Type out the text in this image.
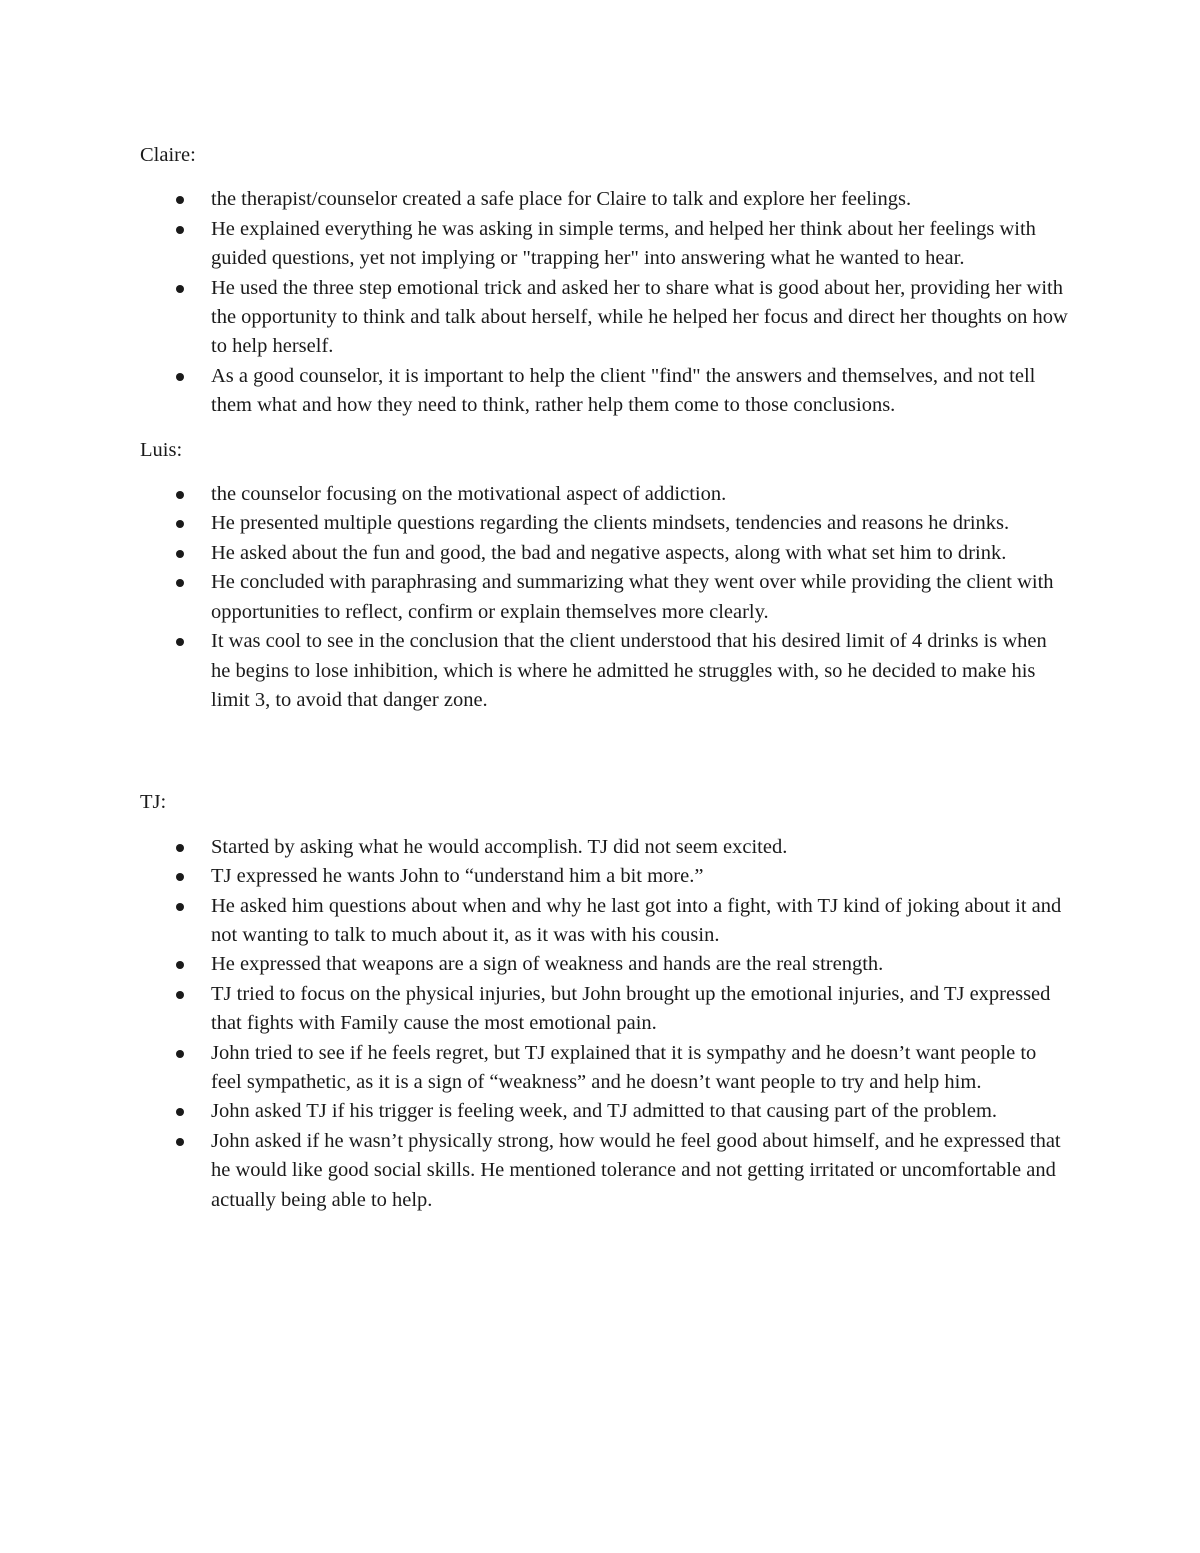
Claire:

the therapist/counselor created a safe place for Claire to talk and explore her feelings.
He explained everything he was asking in simple terms, and helped her think about her feelings with guided questions, yet not implying or "trapping her" into answering what he wanted to hear.
He used the three step emotional trick and asked her to share what is good about her, providing her with the opportunity to think and talk about herself, while he helped her focus and direct her thoughts on how to help herself.
As a good counselor, it is important to help the client "find" the answers and themselves, and not tell them what and how they need to think, rather help them come to those conclusions.

Luis:

the counselor focusing on the motivational aspect of addiction.
He presented multiple questions regarding the clients mindsets, tendencies and reasons he drinks.
He asked about the fun and good, the bad and negative aspects, along with what set him to drink.
He concluded with paraphrasing and summarizing what they went over while providing the client with opportunities to reflect, confirm or explain themselves more clearly.
It was cool to see in the conclusion that the client understood that his desired limit of 4 drinks is when he begins to lose inhibition, which is where he admitted he struggles with, so he decided to make his limit 3, to avoid that danger zone.

TJ:

Started by asking what he would accomplish. TJ did not seem excited.
TJ expressed he wants John to “understand him a bit more.”
He asked him questions about when and why he last got into a fight, with TJ kind of joking about it and not wanting to talk to much about it, as it was with his cousin.
He expressed that weapons are a sign of weakness and hands are the real strength.
TJ tried to focus on the physical injuries, but John brought up the emotional injuries, and TJ expressed that fights with Family cause the most emotional pain.
John tried to see if he feels regret, but TJ explained that it is sympathy and he doesn’t want people to feel sympathetic, as it is a sign of “weakness” and he doesn’t want people to try and help him.
John asked TJ if his trigger is feeling week, and TJ admitted to that causing part of the problem.
John asked if he wasn’t physically strong, how would he feel good about himself, and he expressed that he would like good social skills. He mentioned tolerance and not getting irritated or uncomfortable and actually being able to help.
